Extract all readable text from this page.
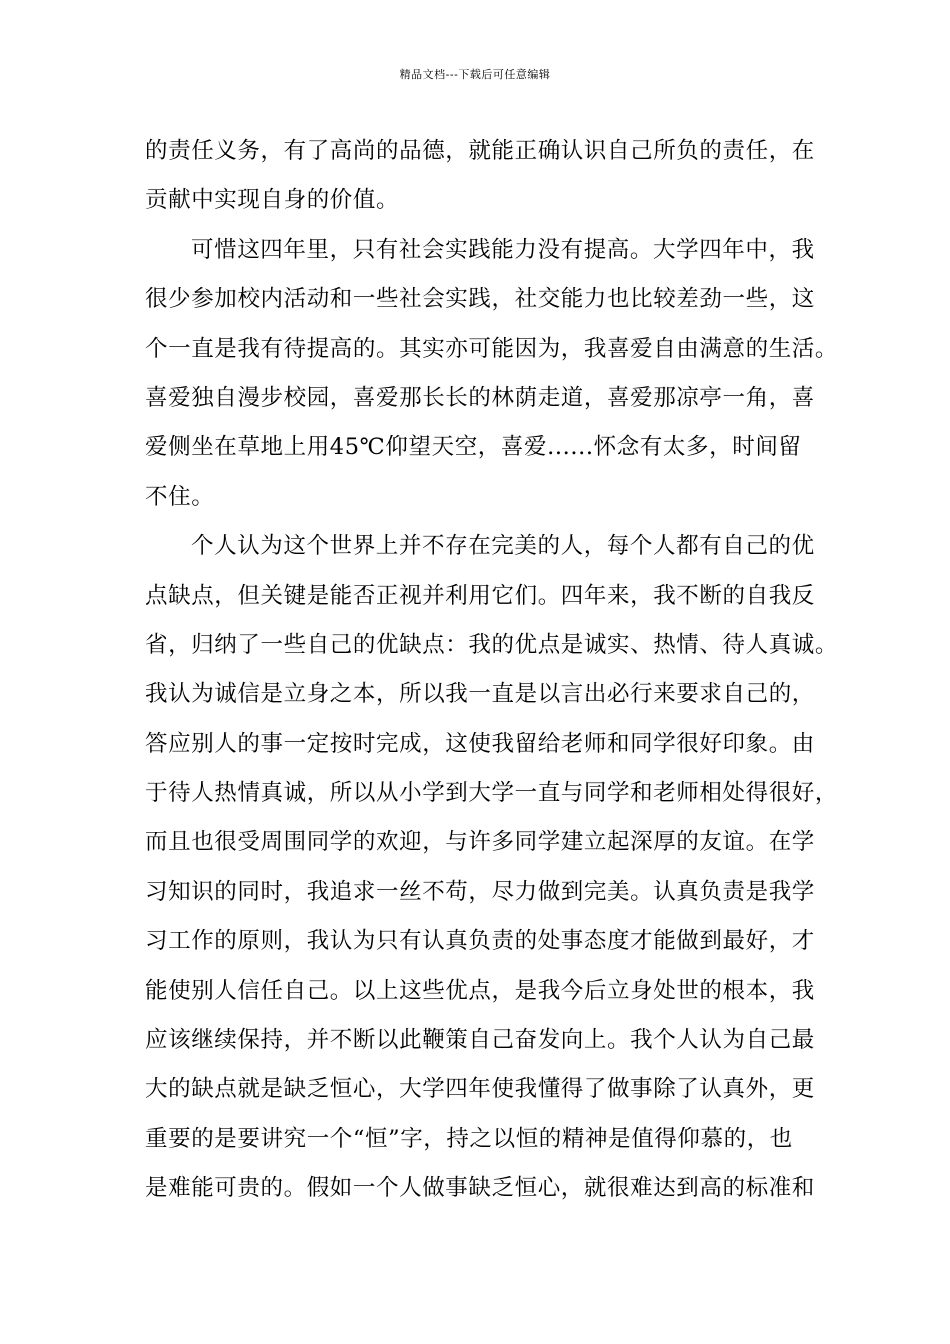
精品文档---下载后可任意编辑
的责任义务，有了高尚的品德，就能正确认识自己所负的责任，在
贡献中实现自身的价值。
可惜这四年里，只有社会实践能力没有提高。大学四年中，我
很少参加校内活动和一些社会实践，社交能力也比较差劲一些，这
个一直是我有待提高的。其实亦可能因为，我喜爱自由满意的生活。
喜爱独自漫步校园，喜爱那长长的林荫走道，喜爱那凉亭一角，喜
爱侧坐在草地上用45℃仰望天空，喜爱......怀念有太多，时间留
不住。
个人认为这个世界上并不存在完美的人，每个人都有自己的优
点缺点，但关键是能否正视并利用它们。四年来，我不断的自我反
省，归纳了一些自己的优缺点：我的优点是诚实、热情、待人真诚。
我认为诚信是立身之本，所以我一直是以言出必行来要求自己的，
答应别人的事一定按时完成，这使我留给老师和同学很好印象。由
于待人热情真诚，所以从小学到大学一直与同学和老师相处得很好，
而且也很受周围同学的欢迎，与许多同学建立起深厚的友谊。在学
习知识的同时，我追求一丝不苟，尽力做到完美。认真负责是我学
习工作的原则，我认为只有认真负责的处事态度才能做到最好，才
能使别人信任自己。以上这些优点，是我今后立身处世的根本，我
应该继续保持，并不断以此鞭策自己奋发向上。我个人认为自己最
大的缺点就是缺乏恒心，大学四年使我懂得了做事除了认真外，更
重要的是要讲究一个“恒”字，持之以恒的精神是值得仰慕的，也
是难能可贵的。假如一个人做事缺乏恒心，就很难达到高的标准和
